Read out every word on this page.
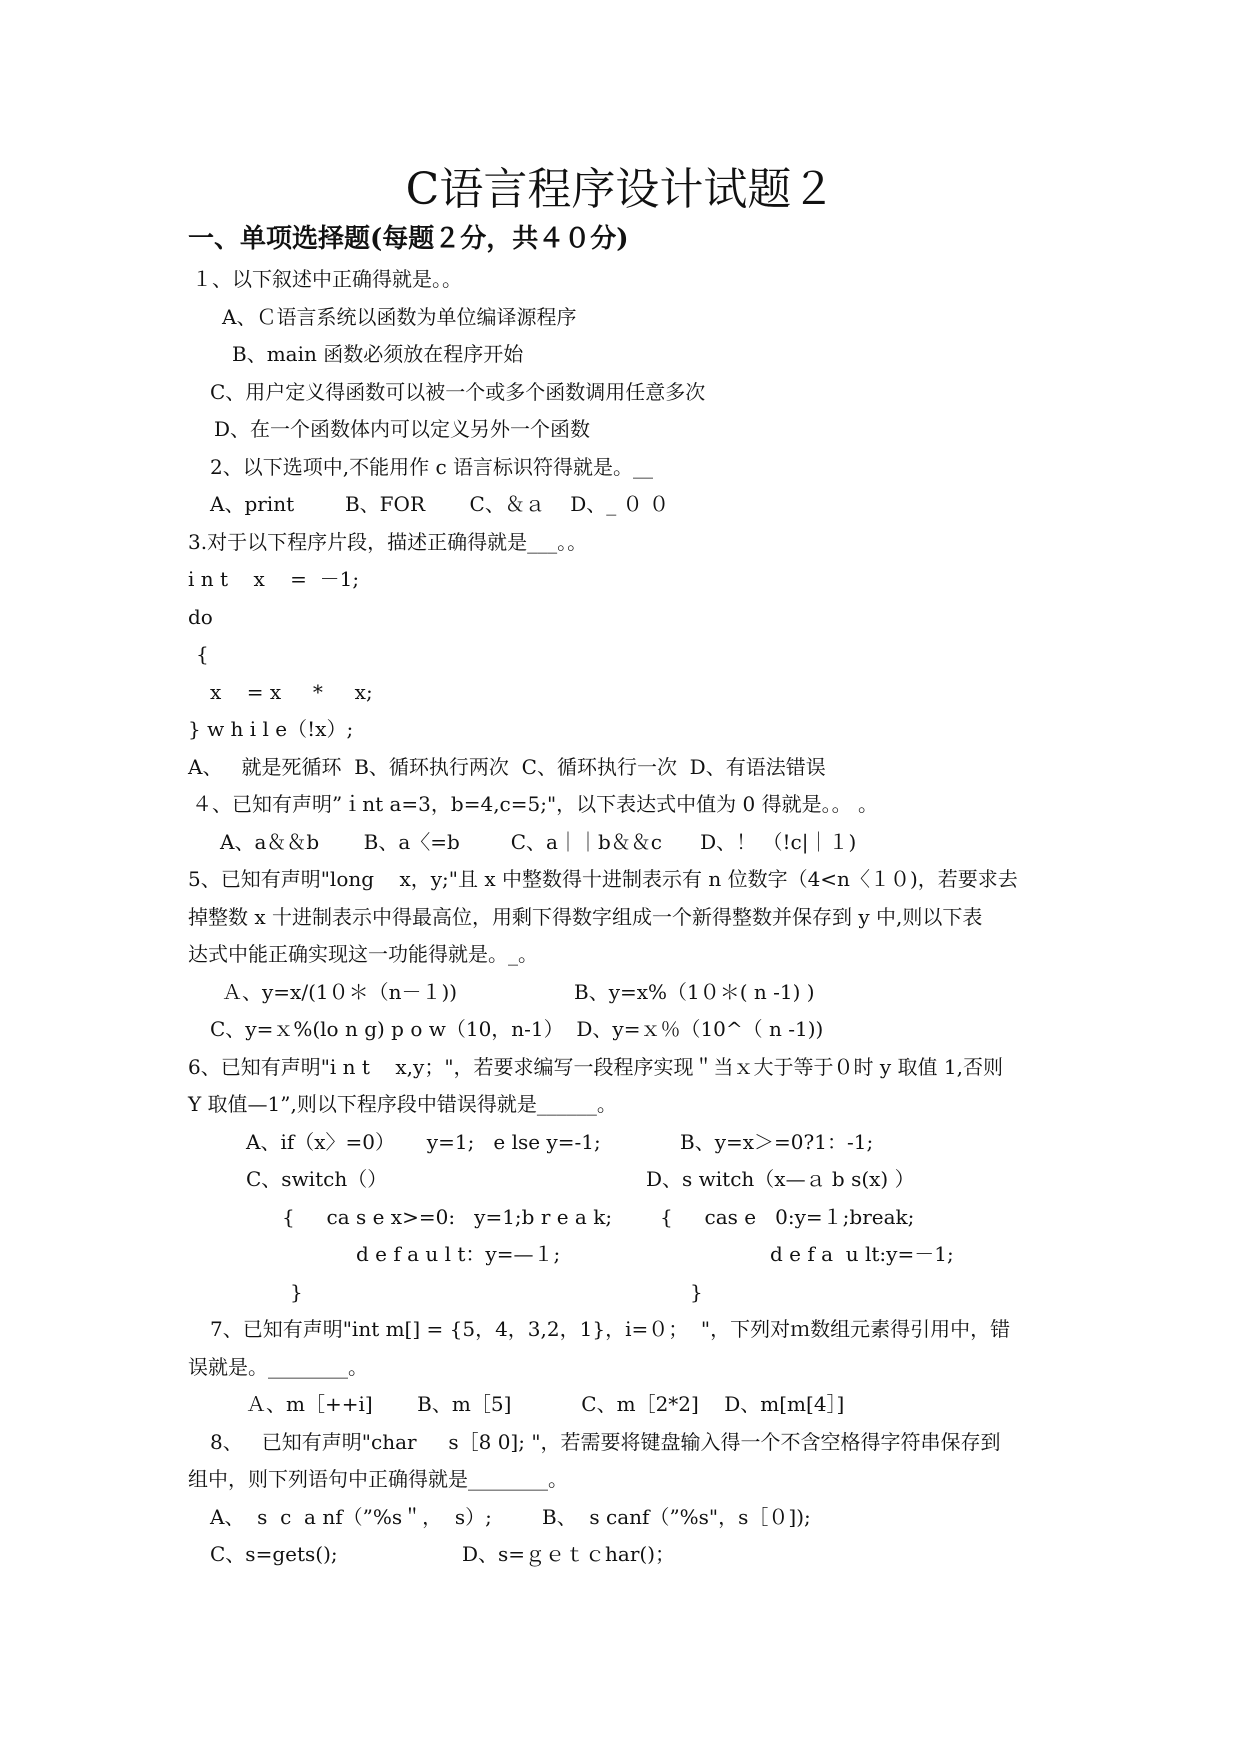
C语言程序设计试题２
一、单项选择题(每题２分，共４０分)
１、以下叙述中正确得就是。。
A、Ｃ语言系统以函数为单位编译源程序
B、main 函数必须放在程序开始
C、用户定义得函数可以被一个或多个函数调用任意多次
D、在一个函数体内可以定义另外一个函数
2、以下选项中,不能用作 c 语言标识符得就是。__
A、print        B、FOR       C、＆ａ    D、_ ０ ０
3.对于以下程序片段，描述正确得就是___。。
i n t    x    =  －1;
do
{
x    = x     *     x;
} w h i l e（!x）;
A、   就是死循环  B、循环执行两次  C、循环执行一次  D、有语法错误
４、已知有声明”ｉnt a=3，b=4,c=5;"，以下表达式中值为 0 得就是。。 。
A、a＆＆b       B、a〈=b        C、a｜｜b＆＆c      D、！ （!c|｜１)
5、已知有声明"long    x，y;"且 x 中整数得十进制表示有 n 位数字（4<n〈１０)，若要求去
掉整数 x 十进制表示中得最高位，用剩下得数字组成一个新得整数并保存到 y 中,则以下表
达式中能正确实现这一功能得就是。_。
Ａ、y=x/(1０＊（n－１))	B、y=x%（1０＊( n -1) )
C、y=ｘ%(lo n g) p o w（10，n-1）  D、y=ｘ％（10^（ n -1))
6、已知有声明"i n t    x,y；"，若要求编写一段程序实现＂当ｘ大于等于０时 y 取值 1,否则
Y 取值—1”,则以下程序段中错误得就是______。
A、if（x〉=0）     y=1;   e lse y=-1;	B、y=x＞=0?1：-1;
C、switch（）	D、s witch（x—ａ b s(x) ）
{     ca s e x>=0:   y=1;b r e a k; {     cas e   0:y=１;break;
d e f a u l t：y=—１;	d e f a  u lt:y=－1;
}	}
7、已知有声明"int m[] = {5，4，3,2，1}，i=０；  "，下列对ｍ数组元素得引用中，错
误就是。________。
Ａ、m［++i]       B、m［5]           C、m［2*2]    D、m[m[4］]
8、   已知有声明"char     s［8 0]; "，若需要将键盘输入得一个不含空格得字符串保存到
组中，则下列语句中正确得就是________。
A、  s  c  a nf（”%s＂，  s）;	B、  s canf（”%s"，s［０]);
C、s=gets();	D、s=ｇｅｔｃhar()；
